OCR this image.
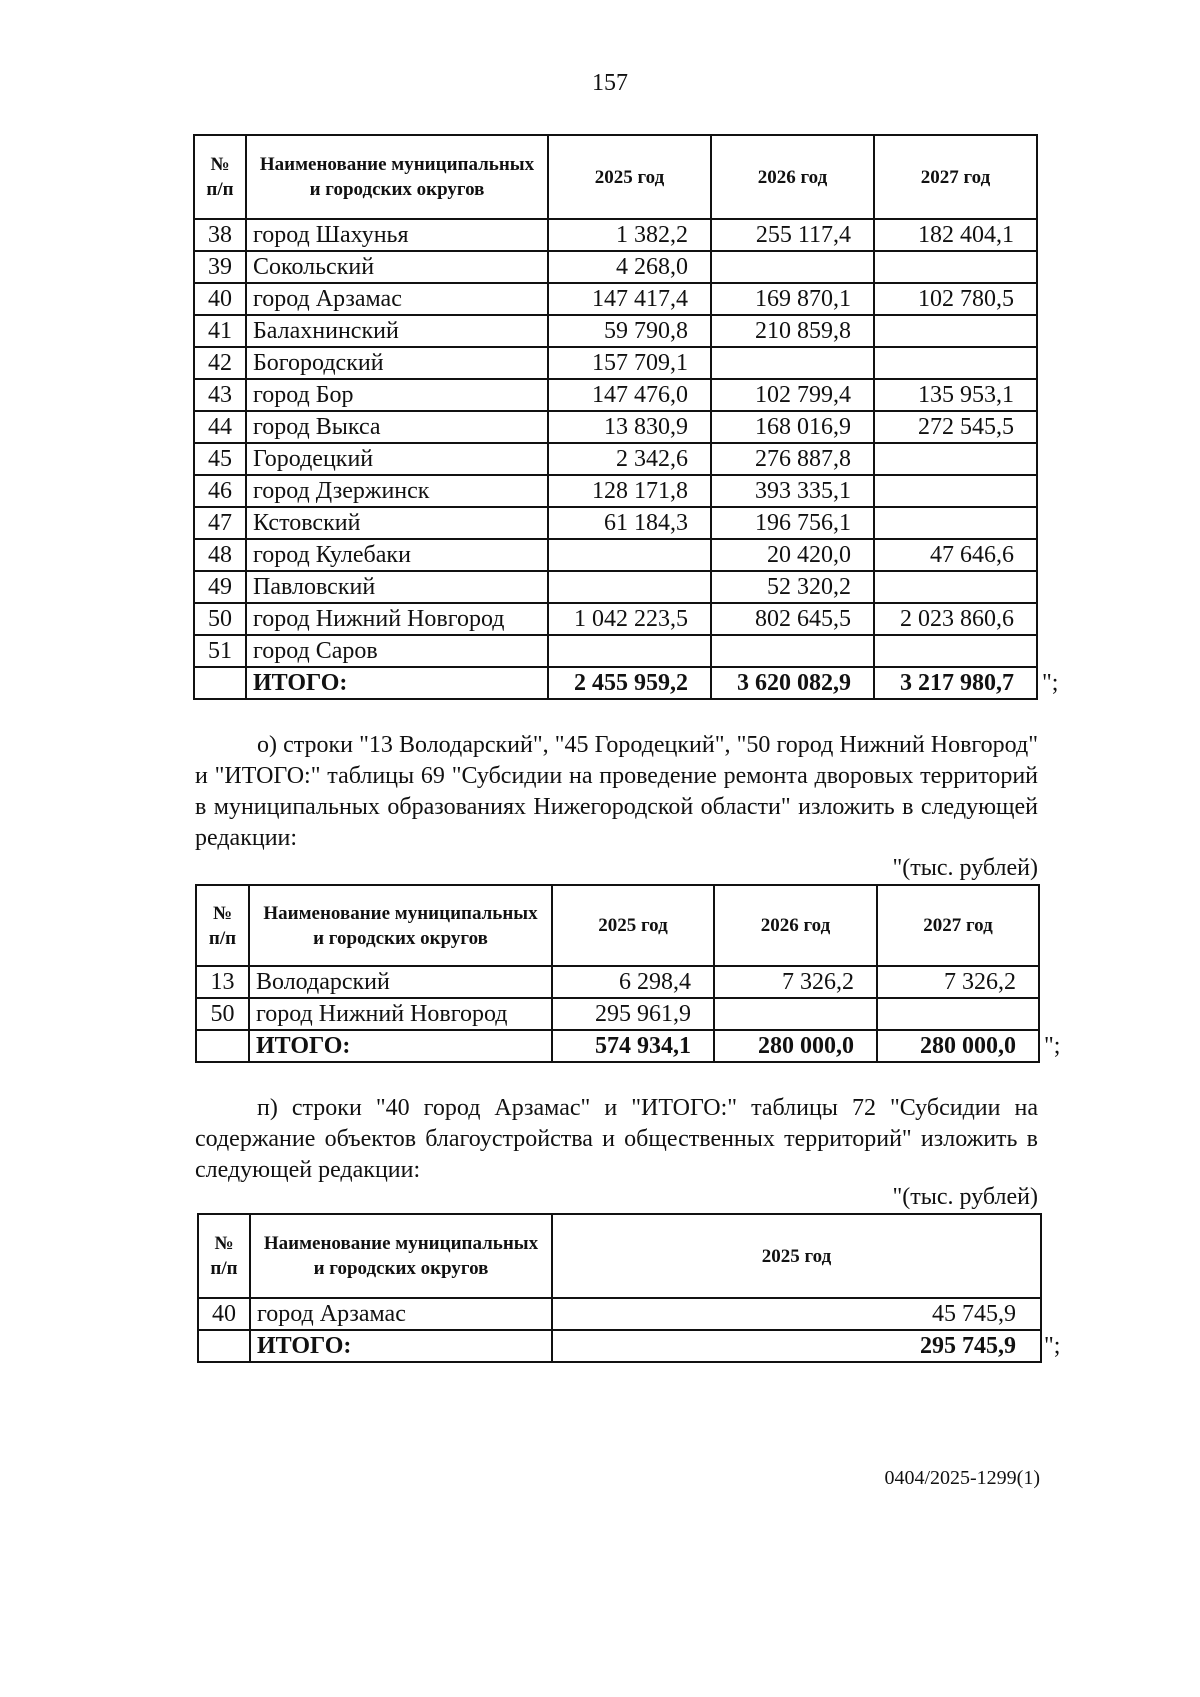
157
№ п/п	Наименование муниципальных и городских округов	2025 год	2026 год	2027 год
38	город Шахунья	1 382,2	255 117,4	182 404,1
39	Сокольский	4 268,0		
40	город Арзамас	147 417,4	169 870,1	102 780,5
41	Балахнинский	59 790,8	210 859,8	
42	Богородский	157 709,1		
43	город Бор	147 476,0	102 799,4	135 953,1
44	город Выкса	13 830,9	168 016,9	272 545,5
45	Городецкий	2 342,6	276 887,8	
46	город Дзержинск	128 171,8	393 335,1	
47	Кстовский	61 184,3	196 756,1	
48	город Кулебаки		20 420,0	47 646,6
49	Павловский		52 320,2	
50	город Нижний Новгород	1 042 223,5	802 645,5	2 023 860,6
51	город Саров			
	ИТОГО:	2 455 959,2	3 620 082,9	3 217 980,7 ";

о) строки "13 Володарский", "45 Городецкий", "50 город Нижний Новгород" и "ИТОГО:" таблицы 69 "Субсидии на проведение ремонта дворовых территорий в муниципальных образованиях Нижегородской области" изложить в следующей редакции:

"(тыс. рублей)
№ п/п	Наименование муниципальных и городских округов	2025 год	2026 год	2027 год
13	Володарский	6 298,4	7 326,2	7 326,2
50	город Нижний Новгород	295 961,9		
	ИТОГО:	574 934,1	280 000,0	280 000,0 ";

п) строки "40 город Арзамас" и "ИТОГО:" таблицы 72 "Субсидии на содержание объектов благоустройства и общественных территорий" изложить в следующей редакции:

"(тыс. рублей)
№ п/п	Наименование муниципальных и городских округов	2025 год
40	город Арзамас	45 745,9
	ИТОГО:	295 745,9 ";
0404/2025-1299(1)
